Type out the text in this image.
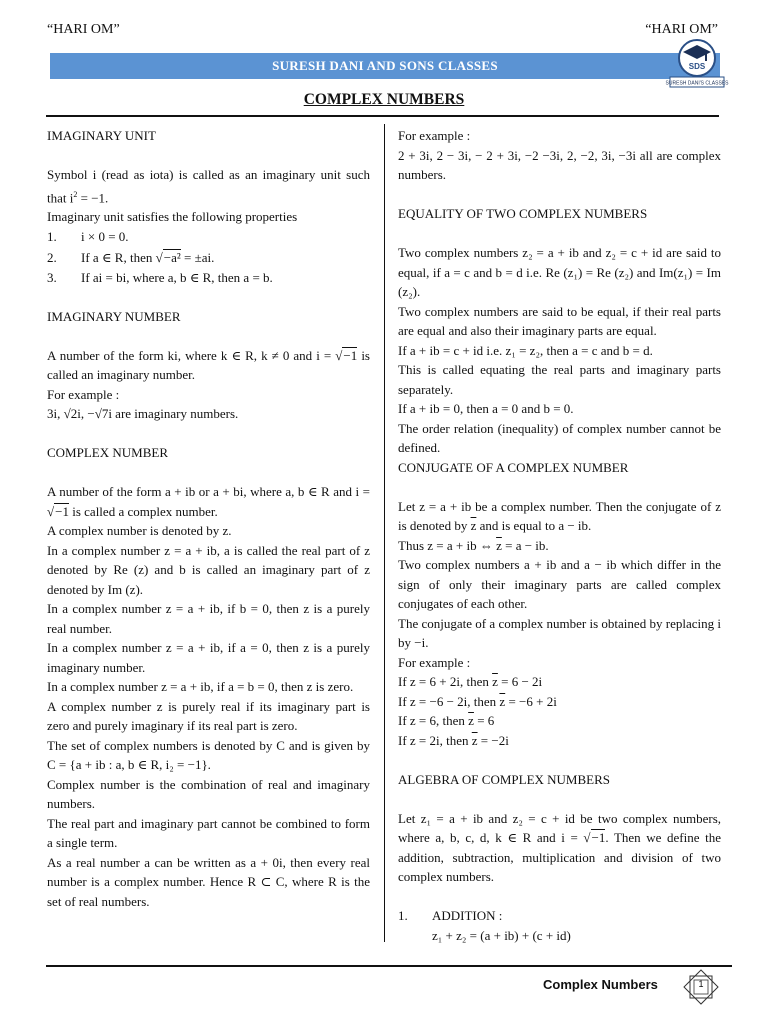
“HARI OM”	“HARI OM”
SURESH DANI AND SONS CLASSES	SDS
SURESH DANI'S CLASSES
COMPLEX NUMBERS

IMAGINARY UNIT

Symbol i (read as iota) is called as an imaginary unit such that $i^2 = -1$.

Imaginary unit satisfies the following properties

1. i × 0 = 0.

2. If a ∈ R, then √−a² = ±ai.

3. If ai = bi, where a, b ∈ R, then a = b.

IMAGINARY NUMBER

A number of the form ki, where k ∈ R, k ≠ 0 and i = √−1 is called an imaginary number.

For example :

3i, √2i, −√7i are imaginary numbers.

COMPLEX NUMBER

A number of the form a + ib or a + bi, where a, b ∈ R and i = √−1 is called a complex number.

A complex number is denoted by z.

In a complex number z = a + ib, a is called the real part of z denoted by Re (z) and b is called an imaginary part of z denoted by Im (z).

In a complex number z = a + ib, if b = 0, then z is a purely real number.

In a complex number z = a + ib, if a = 0, then z is a purely imaginary number.

In a complex number z = a + ib, if a = b = 0, then z is zero.

A complex number z is purely real if its imaginary part is zero and purely imaginary if its real part is zero.

The set of complex numbers is denoted by C and is given by C = {a + ib : a, b ∈ R, i₂ = −1}.

Complex number is the combination of real and imaginary numbers.

The real part and imaginary part cannot be combined to form a single term.

As a real number a can be written as a + 0i, then every real number is a complex number. Hence R ⊂ C, where R is the set of real numbers.

For example :

2 + 3i, 2 − 3i, − 2 + 3i, −2 −3i, 2, −2, 3i, −3i all are complex numbers.

EQUALITY OF TWO COMPLEX NUMBERS

Two complex numbers z₂ = a + ib and z₂ = c + id are said to equal, if a = c and b = d i.e. Re (z₁) = Re (z₂) and Im(z₁) = Im (z₂).

Two complex numbers are said to be equal, if their real parts are equal and also their imaginary parts are equal.

If a + ib = c + id i.e. z₁ = z₂, then a = c and b = d.

This is called equating the real parts and imaginary parts separately.

If a + ib = 0, then a = 0 and b = 0.

The order relation (inequality) of complex number cannot be defined.

CONJUGATE OF A COMPLEX NUMBER

Let z = a + ib be a complex number. Then the conjugate of z is denoted by $\overline{z}$ and is equal to a − ib.

Thus z = a + ib ⇔ $\overline{z} = a$ − ib.

Two complex numbers a + ib and a − ib which differ in the sign of only their imaginary parts are called complex conjugates of each other.

The conjugate of a complex number is obtained by replacing i by −i.

For example :

If z = 6 + 2i, then $\overline{z} = 6 - 2i$

If z = −6 − 2i, then $\overline{z} = -6 + 2i$

If z = 6, then $\overline{z} = 6$

If z = 2i, then $\overline{z} = -2i$

ALGEBRA OF COMPLEX NUMBERS

Let z₁ = a + ib and z₂ = c + id be two complex numbers, where a, b, c, d, k ∈ R and i = √−1. Then we define the addition, subtraction, multiplication and division of two complex numbers.

1. ADDITION :

z₁ + z₂ = (a + ib) + (c + id)

Complex Numbers	1
